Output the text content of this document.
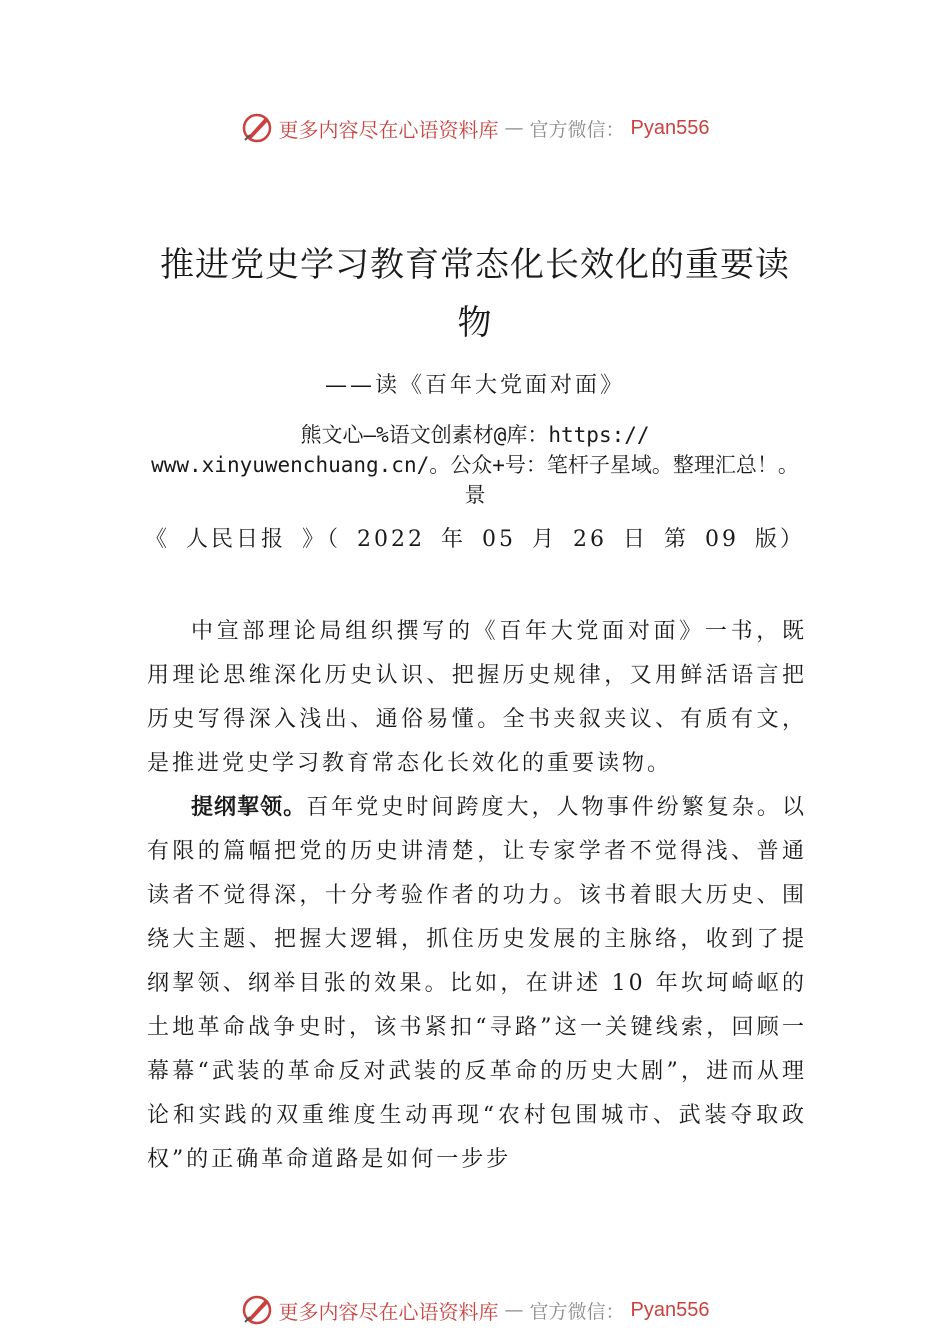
更多内容尽在心语资料库 — 官方微信： Pyan556
推进党史学习教育常态化长效化的重要读物
——读《百年大党面对面》
熊文心—%语文创素材@库：https:// www.xinyuwenchuang.cn/。公众+号：笔杆子星域。整理汇总！。景
《 人民日报 》（ 2022 年 05 月 26 日 第 09 版）

中宣部理论局组织撰写的《百年大党面对面》一书，既用理论思维深化历史认识、把握历史规律，又用鲜活语言把历史写得深入浅出、通俗易懂。全书夹叙夹议、有质有文，是推进党史学习教育常态化长效化的重要读物。

提纲挈领。百年党史时间跨度大，人物事件纷繁复杂。以有限的篇幅把党的历史讲清楚，让专家学者不觉得浅、普通读者不觉得深，十分考验作者的功力。该书着眼大历史、围绕大主题、把握大逻辑，抓住历史发展的主脉络，收到了提纲挈领、纲举目张的效果。比如，在讲述 10 年坎坷崎岖的土地革命战争史时，该书紧扣“寻路”这一关键线索，回顾一幕幕“武装的革命反对武装的反革命的历史大剧”，进而从理论和实践的双重维度生动再现“农村包围城市、武装夺取政权”的正确革命道路是如何一步步

更多内容尽在心语资料库 — 官方微信： Pyan556
